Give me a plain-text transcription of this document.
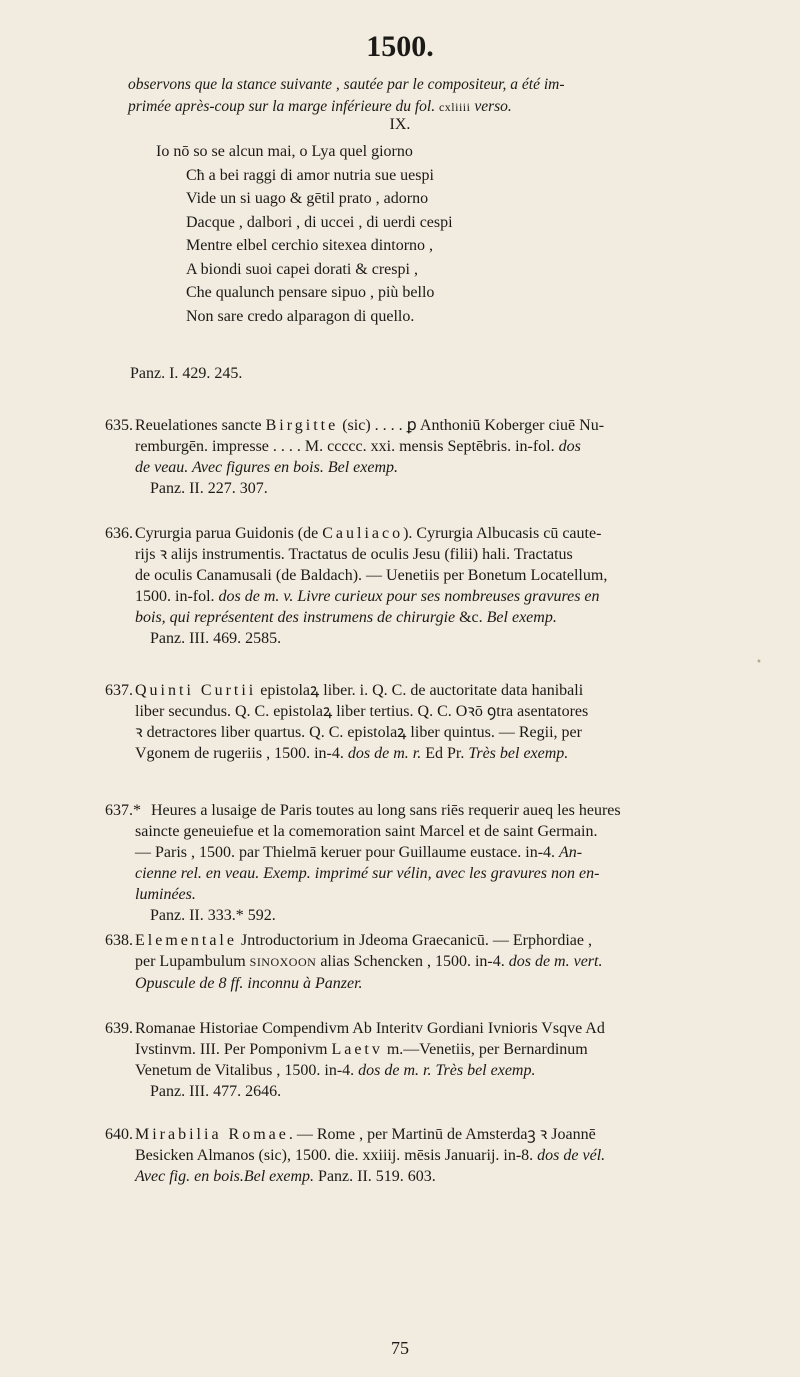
1500.
observons que la stance suivante , sautée par le compositeur, a été im-
primée après-coup sur la marge inférieure du fol. cxliiii verso.
IX.
Io nō so se alcun mai, o Lya quel giorno
Cħ a bei raggi di amor nutria sue uespi
Vide un si uago & gētil prato , adorno
Dacque , dalbori , di uccei , di uerdi cespi
Mentre elbel cerchio sitexea dintorno ,
A biondi suoi capei dorati & crespi ,
Che qualunch pensare sipuo , più bello
Non sare credo alparagon di quello.
Panz. I. 429. 245.
635. Reuelationes sancte Birgitte (sic) . . . . ꝑ Anthoniū Koberger ciuē Nu-
remburgēn. impresse . . . . M. ccccc. xxi. mensis Septēbris. in-fol. dos
de veau. Avec figures en bois. Bel exemp.
Panz. II. 227. 307.
636. Cyrurgia parua Guidonis (de Cauliaco). Cyrurgia Albucasis cū caute-
rijs ꝛ alijs instrumentis. Tractatus de oculis Jesu (filii) hali. Tractatus
de oculis Canamusali (de Baldach). — Uenetiis per Bonetum Locatellum,
1500. in-fol. dos de m. v. Livre curieux pour ses nombreuses gravures en
bois, qui représentent des instrumens de chirurgie &c. Bel exemp.
Panz. III. 469. 2585.
637. Quinti Curtii epistolaꝝ liber. i. Q. C. de auctoritate data hanibali
liber secundus. Q. C. epistolaꝝ liber tertius. Q. C. Oꝛō ꝯtra asentatores
ꝛ detractores liber quartus. Q. C. epistolaꝝ liber quintus. — Regii, per
Vgonem de rugeriis , 1500. in-4. dos de m. r. Ed Pr. Très bel exemp.
637.* Heures a lusaige de Paris toutes au long sans riēs requerir aueq les heures
saincte geneuiefue et la comemoration saint Marcel et de saint Germain.
— Paris , 1500. par Thielmā keruer pour Guillaume eustace. in-4. An-
cienne rel. en veau. Exemp. imprimé sur vélin, avec les gravures non en-
luminées.
Panz. II. 333.* 592.
638. Elementale Jntroductorium in Jdeoma Graecanicū. — Erphordiae ,
per Lupambulum SINOXOON alias Schencken , 1500. in-4. dos de m. vert.
Opuscule de 8 ff. inconnu à Panzer.
639. Romanae Historiae Compendivm Ab Interitv Gordiani Ivnioris Vsqve Ad
Ivstinvm. III. Per Pomponivm Laetv m.—Venetiis, per Bernardinum
Venetum de Vitalibus , 1500. in-4. dos de m. r. Très bel exemp.
Panz. III. 477. 2646.
640. Mirabilia Romae. — Rome , per Martinū de Amsterdaꝫ ꝛ Joannē
Besicken Almanos (sic), 1500. die. xxiiij. mēsis Januarij. in-8. dos de vél.
Avec fig. en bois.Bel exemp. Panz. II. 519. 603.
•
75
